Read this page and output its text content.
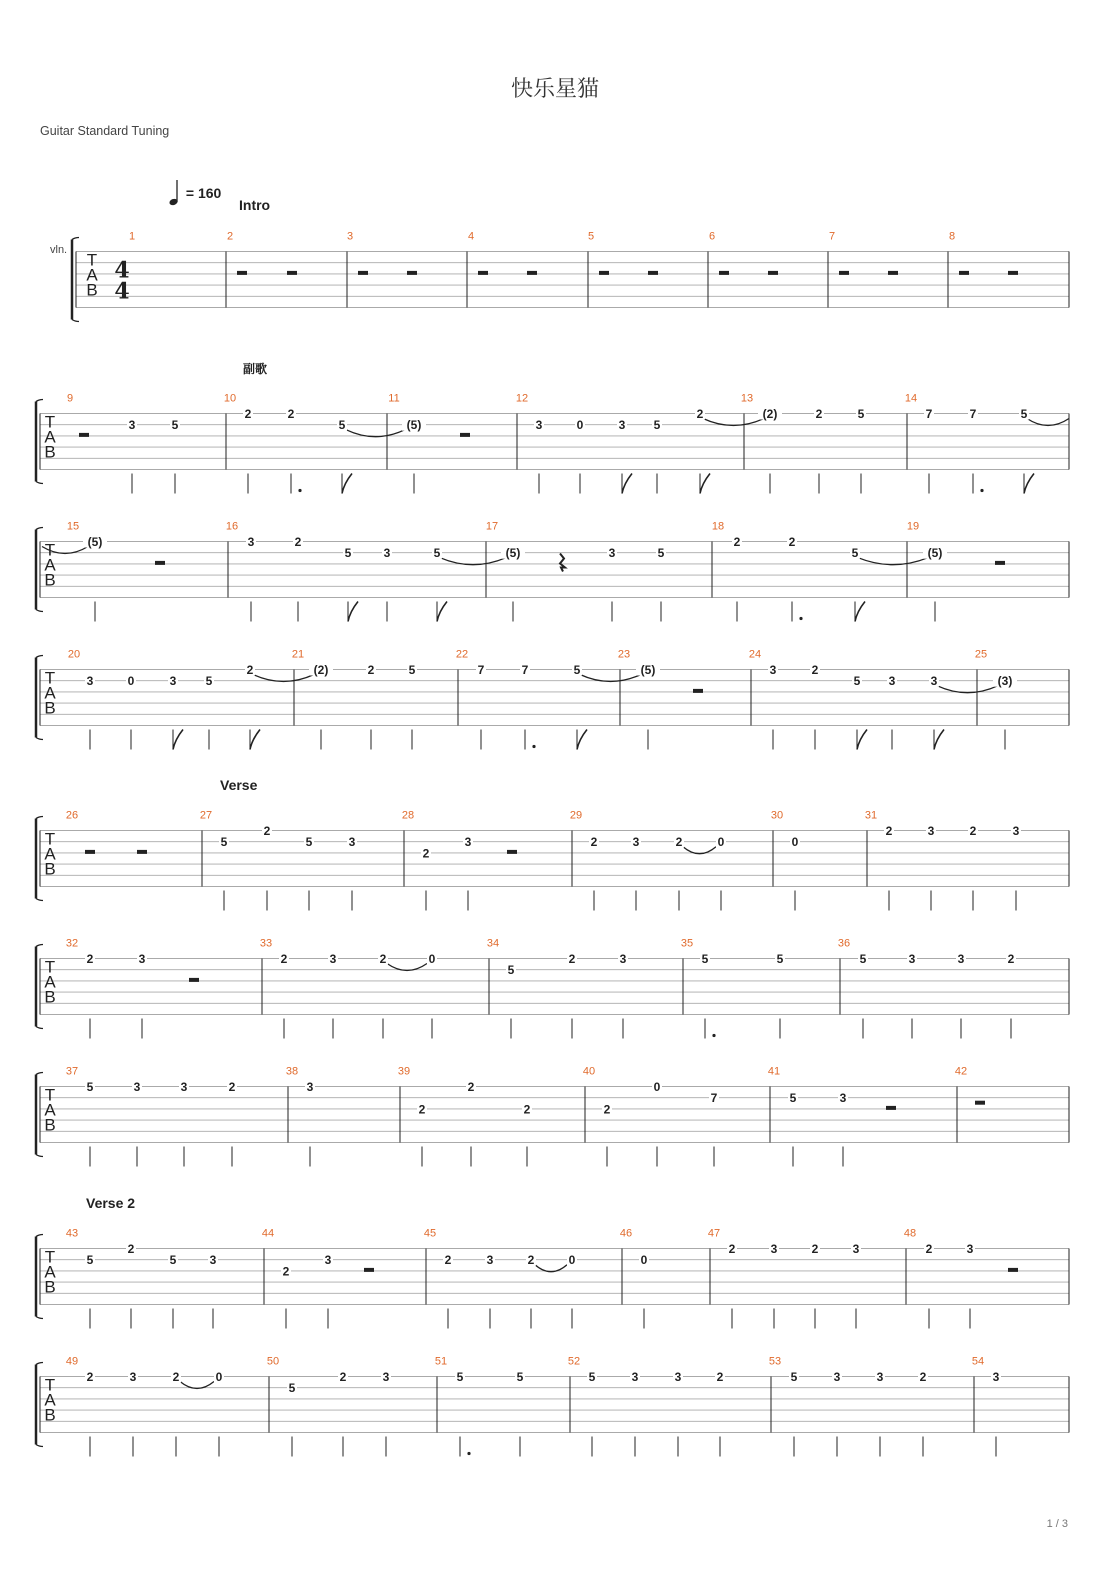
快乐星猫
Guitar Standard Tuning
= 160
vln.
1 / 3
T
A
B
T
A
B
T
A
B
T
A
B
T
A
B
T
A
B
T
A
B
T
A
B
T
A
B
4
4
1	2	3	4	5	6	7	8
9	10	11	12	13	14
15	16	17	18	19
20	21	22	23	24	25
26	27	28	29	30	31
32	33	34	35	36
37	38	39	40	41	42
43	44	45	46	47	48
49	50	51	52	53	54
Intro
副歌
Verse
Verse 2
3	5
2	2
5	(5)	3	0	3 5
2	(2)	2	5	7	7	5
(5)	3	2
5	3	5	(5)	3	5
2	2
5	(5)
3	0	3 5
2	(2)	2	5	7	7	5	(5)	3	2
5 3	3	(3)
5
2
5	3
2
3	2	3	2	0	0
2	3	2	3
2	3	2	3	2	0
5
2	3	5	5	5	3	3	2
5	3	3	2	3
2
2
2	2
0
7	5	3
5
2
5	3
2
3	2	3	2	0	0
2	3	2	3	2	3
2	3	2	0
5
2	3	5	5	5	3	3	2	5	3	3	2	3
